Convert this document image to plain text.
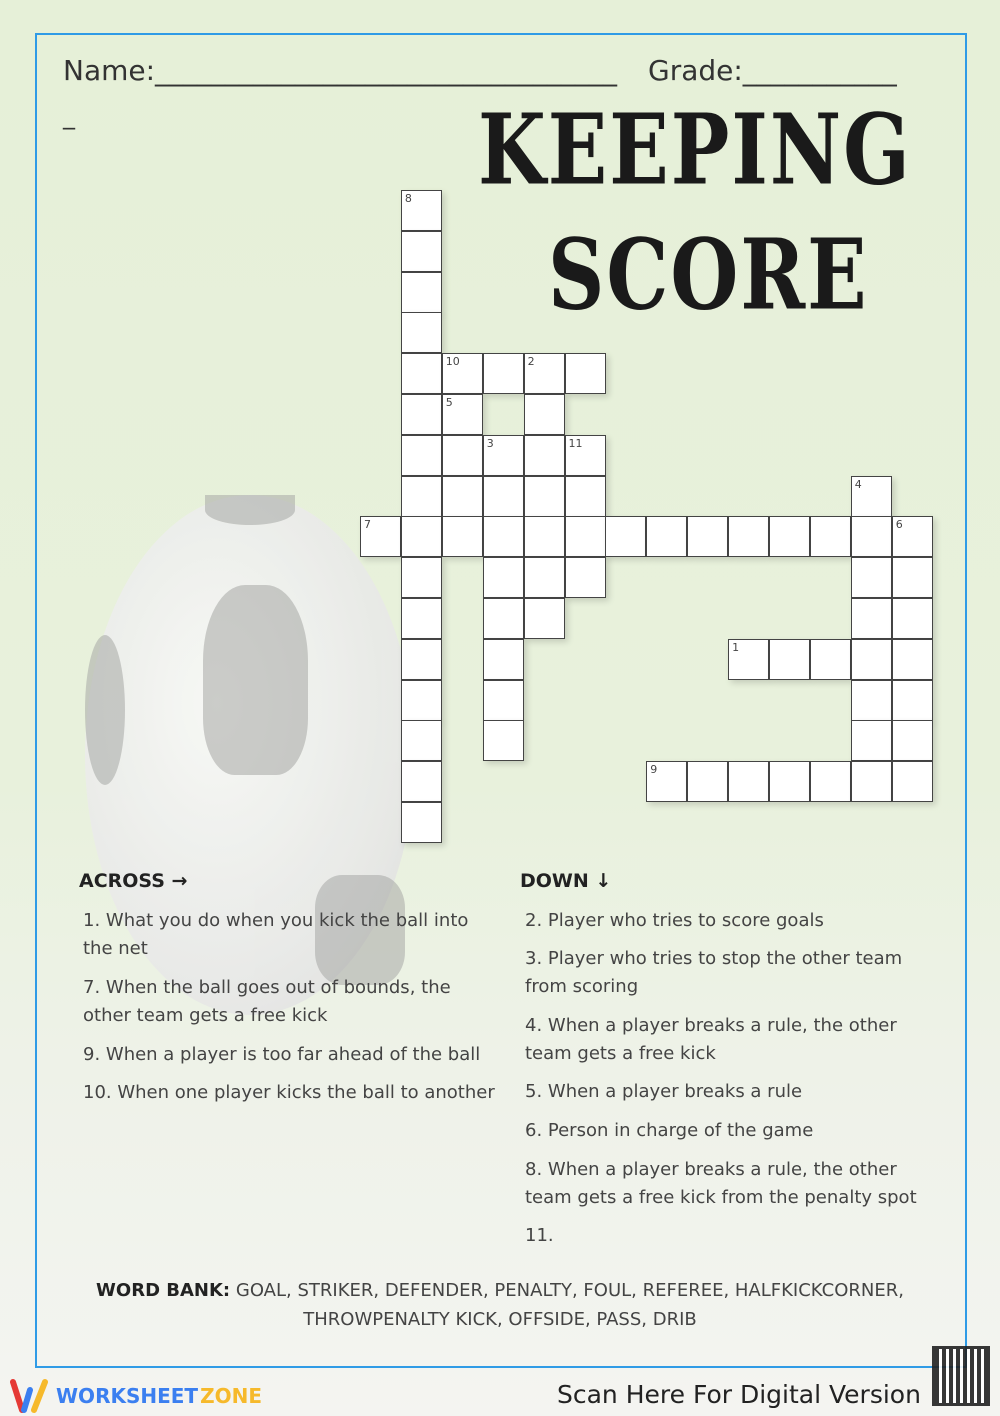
Name:_________________________________ Grade:___________
_	KEEPING
SCORE
8
10	2
5
3	11
4
7	6
1
9
ACROSS →
1. What you do when you kick the ball into the net
7. When the ball goes out of bounds, the other team gets a free kick
9. When a player is too far ahead of the ball
10. When one player kicks the ball to another
DOWN ↓
2. Player who tries to score goals
3. Player who tries to stop the other team from scoring
4. When a player breaks a rule, the other team gets a free kick
5. When a player breaks a rule
6. Person in charge of the game
8. When a player breaks a rule, the other team gets a free kick from the penalty spot
11.
WORD BANK: GOAL, STRIKER, DEFENDER, PENALTY, FOUL, REFEREE, HALFKICKCORNER, THROWPENALTY KICK, OFFSIDE, PASS, DRIB
WORKSHEET ZONE	Scan Here For Digital Version
